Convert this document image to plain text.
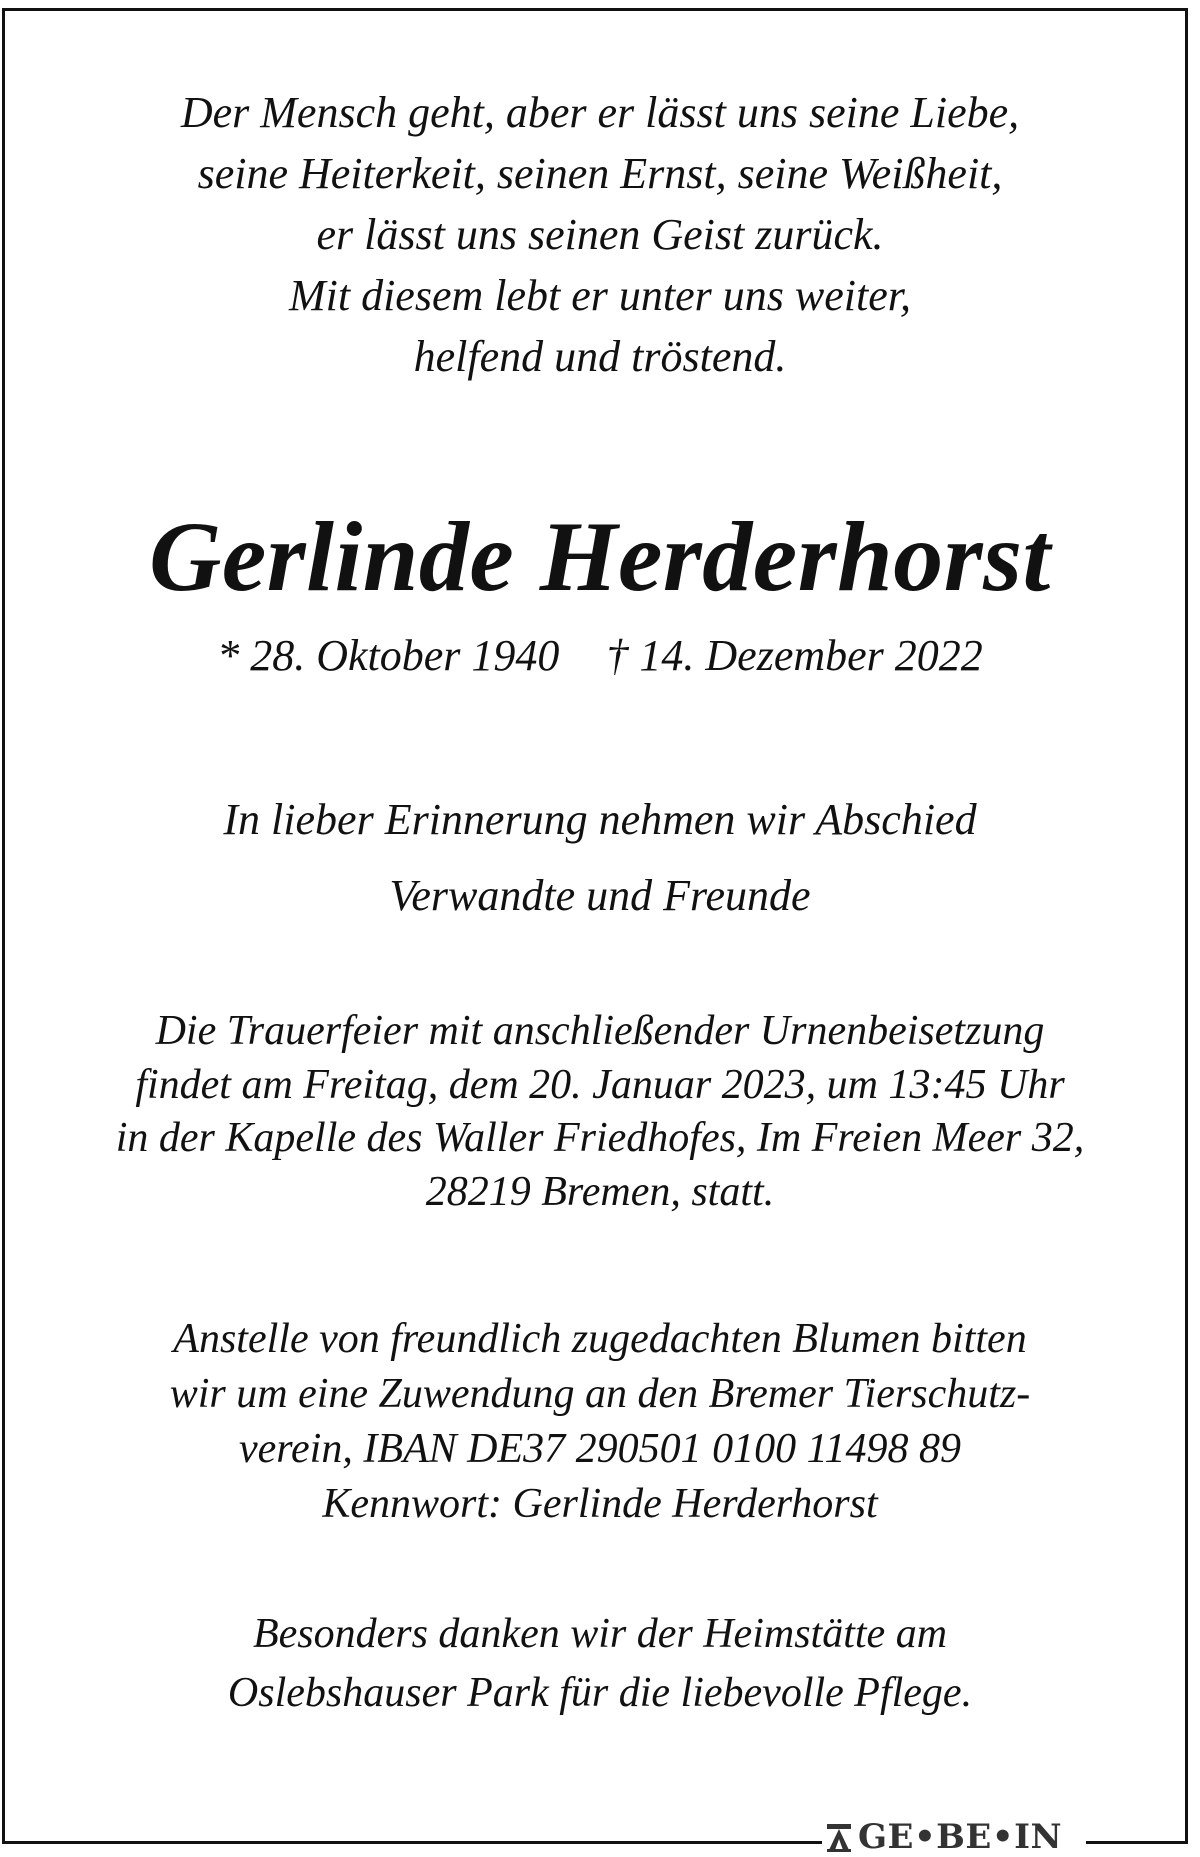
Der Mensch geht, aber er lässt uns seine Liebe,
seine Heiterkeit, seinen Ernst, seine Weißheit,
er lässt uns seinen Geist zurück.
Mit diesem lebt er unter uns weiter,
helfend und tröstend.
Gerlinde Herderhorst
* 28. Oktober 1940 † 14. Dezember 2022
In lieber Erinnerung nehmen wir Abschied
Verwandte und Freunde
Die Trauerfeier mit anschließender Urnenbeisetzung
findet am Freitag, dem 20. Januar 2023, um 13:45 Uhr
in der Kapelle des Waller Friedhofes, Im Freien Meer 32,
28219 Bremen, statt.
Anstelle von freundlich zugedachten Blumen bitten
wir um eine Zuwendung an den Bremer Tierschutz-
verein, IBAN DE37 290501 0100 11498 89
Kennwort: Gerlinde Herderhorst
Besonders danken wir der Heimstätte am
Oslebshauser Park für die liebevolle Pflege.
GE•BE•IN
